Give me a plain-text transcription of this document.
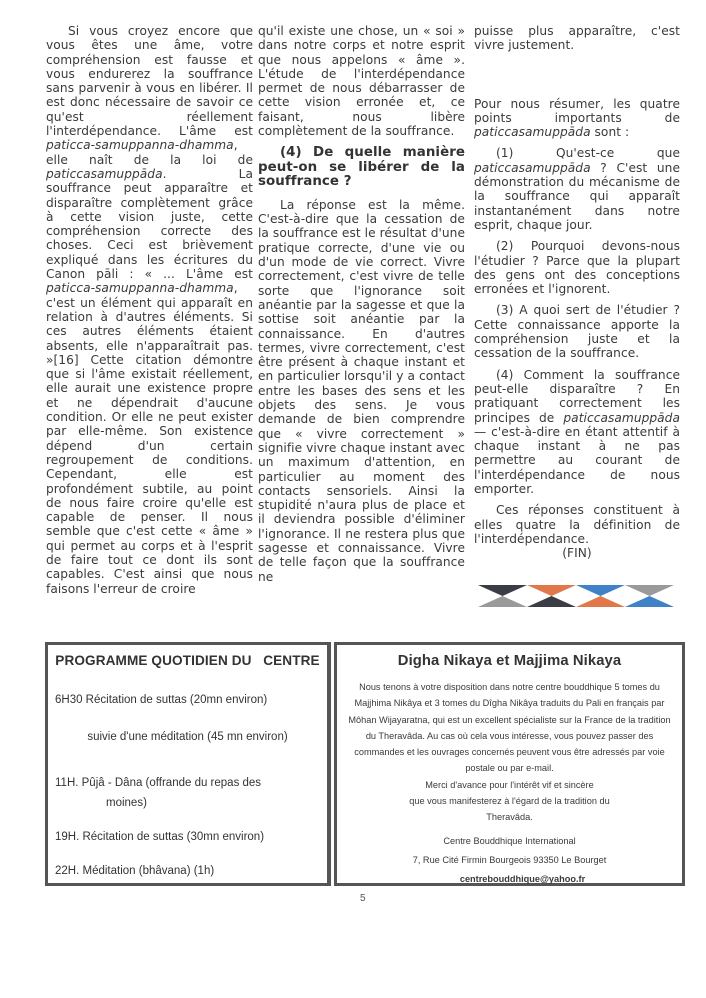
Si vous croyez encore que vous êtes une âme, votre compréhension est fausse et vous endurerez la souffrance sans parvenir à vous en libérer. Il est donc nécessaire de savoir ce qu'est réellement l'interdépendance. L'âme est paticca-samuppanna-dhamma, elle naît de la loi de paticcasamuppāda. La souffrance peut apparaître et disparaître complètement grâce à cette vision juste, cette compréhension correcte des choses. Ceci est brièvement expliqué dans les écritures du Canon pāli : « ... L'âme est paticca-samuppanna-dhamma, c'est un élément qui apparaît en relation à d'autres éléments. Si ces autres éléments étaient absents, elle n'apparaîtrait pas. »[16] Cette citation démontre que si l'âme existait réellement, elle aurait une existence propre et ne dépendrait d'aucune condition. Or elle ne peut exister par elle-même. Son existence dépend d'un certain regroupement de conditions. Cependant, elle est profondément subtile, au point de nous faire croire qu'elle est capable de penser. Il nous semble que c'est cette « âme » qui permet au corps et à l'esprit de faire tout ce dont ils sont capables. C'est ainsi que nous faisons l'erreur de croire

qu'il existe une chose, un « soi » dans notre corps et notre esprit que nous appelons « âme ». L'étude de l'interdépendance permet de nous débarrasser de cette vision erronée et, ce faisant, nous libère complètement de la souffrance.

(4) De quelle manière peut-on se libérer de la souffrance ?

La réponse est la même. C'est-à-dire que la cessation de la souffrance est le résultat d'une pratique correcte, d'une vie ou d'un mode de vie correct. Vivre correctement, c'est vivre de telle sorte que l'ignorance soit anéantie par la sagesse et que la sottise soit anéantie par la connaissance. En d'autres termes, vivre correctement, c'est être présent à chaque instant et en particulier lorsqu'il y a contact entre les bases des sens et les objets des sens. Je vous demande de bien comprendre que « vivre correctement » signifie vivre chaque instant avec un maximum d'attention, en particulier au moment des contacts sensoriels. Ainsi la stupidité n'aura plus de place et il deviendra possible d'éliminer l'ignorance. Il ne restera plus que sagesse et connaissance. Vivre de telle façon que la souffrance ne

puisse plus apparaître, c'est vivre justement.

Pour nous résumer, les quatre points importants de paticcasamuppāda sont :

(1) Qu'est-ce que paticcasamuppāda ? C'est une démonstration du mécanisme de la souffrance qui apparaît instantanément dans notre esprit, chaque jour.

(2) Pourquoi devons-nous l'étudier ? Parce que la plupart des gens ont des conceptions erronées et l'ignorent.

(3) A quoi sert de l'étudier ? Cette connaissance apporte la compréhension juste et la cessation de la souffrance.

(4) Comment la souffrance peut-elle disparaître ? En pratiquant correctement les principes de paticcasamuppāda — c'est-à-dire en étant attentif à chaque instant à ne pas permettre au courant de l'interdépendance de nous emporter.

Ces réponses constituent à elles quatre la définition de l'interdépendance.

(FIN)

PROGRAMME QUOTIDIEN DU   CENTRE
6H30 Récitation de suttas (20mn environ)
suivie d'une méditation (45 mn environ)
11H. Pûjâ - Dâna (offrande du repas des
moines)
19H. Récitation de suttas (30mn environ)
22H. Méditation (bhâvana) (1h)
Digha Nikaya et Majjima Nikaya
Nous tenons à votre disposition dans notre centre bouddhique 5 tomes du Majjhima Nikâya et 3 tomes du Dîgha Nikâya traduits du Pali en français par Môhan Wijayaratna, qui est un excellent spécialiste sur la France de la tradition du Theravâda. Au cas où cela vous intéresse, vous pouvez passer des commandes et les ouvrages concernés peuvent vous être adressés par voie postale ou par e-mail.
Merci d'avance pour l'intérêt vif et sincère
que vous manifesterez à l'égard de la tradition du
Theravâda.
Centre Bouddhique International
7, Rue Cité Firmin Bourgeois 93350 Le Bourget
centrebouddhique@yahoo.fr
5
